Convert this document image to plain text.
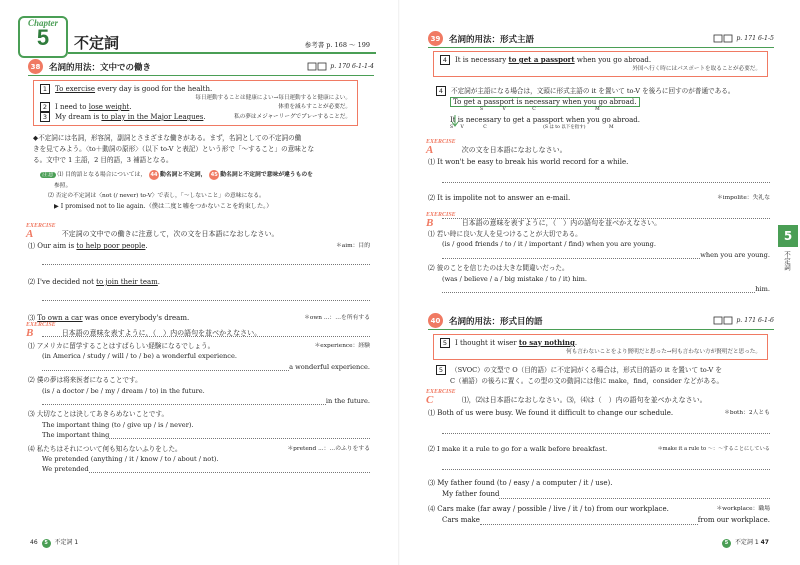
Chapter
5	不定詞	参考書 p. 168 〜 199
38	名詞的用法：文中での働き	p. 170 6-1-1-4
1 To exercise every day is good for the health.
毎日運動することは健康によい→毎日運動すると健康によい。
2 I need to lose weight.	体重を減らすことが必要だ。
3 My dream is to play in the Major Leagues.	私の夢はメジャーリーグでプレーすることだ。
◆不定詞には名詞，形容詞，副詞とさまざまな働きがある。まず，名詞としての不定詞の働
きを見てみよう。〈to＋動詞の原形〉（以下 to-V と表記）という形で「〜すること」の意味とな
る。文中で 1 主語，2 目的語，3 補語となる。
注意 ⑴ 目的語となる場合については， 44 動名詞と不定詞， 45 動名詞と不定詞で意味が違うものを
参照。
⑵ 否定の不定詞は〈not (/ never) to-V〉で表し，「〜しないこと」の意味になる。
▶ I promised not to lie again.（僕は二度と嘘をつかないことを約束した。）
EXERCISE
A	不定詞の文中での働きに注意して，次の文を日本語になおしなさい。
⑴ Our aim is to help poor people.	＊aim：目的
⑵ I've decided not to join their team.
⑶ To own a car was once everybody's dream.	＊own ...：…を所有する
EXERCISE
B	日本語の意味を表すように，（　）内の語句を並べかえなさい。
⑴ アメリカに留学することはすばらしい経験になるでしょう。	＊experience：経験
(in America / study / will / to / be) a wonderful experience.
a wonderful experience.
⑵ 僕の夢は将来医者になることです。
(is / a doctor / be / my / dream / to) in the future.
in the future.
⑶ 大切なことは決してあきらめないことです。
The important thing (to / give up / is / never).
The important thing
⑷ 私たちはそれについて何も知らないふりをした。	＊pretend ...：…のふりをする
We pretended (anything / it / know / to / about / not).
We pretended
46 5 不定詞 1
39	名詞的用法：形式主語	p. 171 6-1-5
4 It is necessary to get a passport when you go abroad.
外国へ行く時にはパスポートを取ることが必要だ。
4 不定詞が主語になる場合は，文頭に形式主語の it を置いて to-V を後ろに回すのが普通である。
To get a passport is necessary when you go abroad.
S	V	C	M
It is necessary to get a passport when you go abroad.
S V	C	(S は to 以下を指す)	M
EXERCISE
A	次の文を日本語になおしなさい。
⑴ It won't be easy to break his world record for a while.
⑵ It is impolite not to answer an e-mail.	＊impolite：失礼な
EXERCISE
B	日本語の意味を表すように，（　）内の語句を並べかえなさい。
⑴ 若い時に良い友人を見つけることが大切である。
(is / good friends / to / it / important / find) when you are young.
when you are young.
⑵ 彼のことを信じたのは大きな間違いだった。
(was / believe / a / big mistake / to / it) him.
him.
40	名詞的用法：形式目的語	p. 171 6-1-6
5 I thought it wiser to say nothing.
何も言わないことをより賢明だと思った→何も言わない方が賢明だと思った。
5 （SVOC）の文型で O（目的語）に不定詞がくる場合は，形式目的語の it を置いて to-V を
C（補語）の後ろに置く。この型の文の動詞には他に make，find，consider などがある。
EXERCISE
C	⑴，⑵は日本語になおしなさい。⑶，⑷は（　）内の語句を並べかえなさい。
⑴ Both of us were busy. We found it difficult to change our schedule.	＊both：2人とも
⑵ I make it a rule to go for a walk before breakfast.	＊make it a rule to 〜：〜することにしている
⑶ My father found (to / easy / a computer / it / use).
My father found
⑷ Cars make (far away / possible / live / it / to) from our workplace.	＊workplace：職場
Cars make	from our workplace.
5 不定詞 1 47
5
不定詞
